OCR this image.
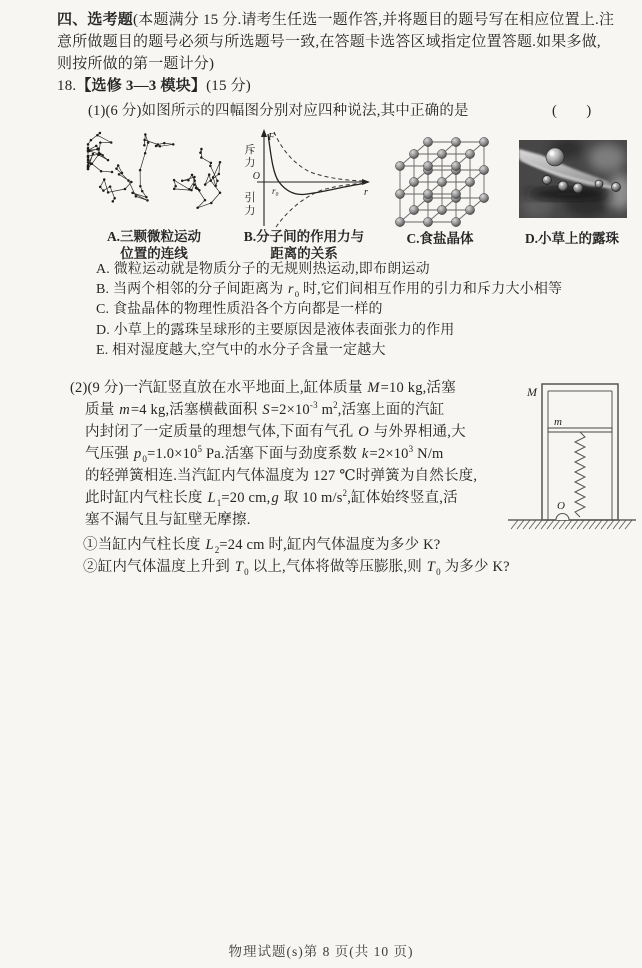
四、选考题(本题满分 15 分.请考生任选一题作答,并将题目的题号写在相应位置上.注
意所做题目的题号必须与所选题号一致,在答题卡选答区域指定位置答题.如果多做,
则按所做的第一题计分)
18.【选修 3—3 模块】(15 分)
(1)(6 分)如图所示的四幅图分别对应四种说法,其中正确的是	(　　)
F
O
r
r₀
斥力
引力
A.三颗微粒运动
位置的连线
B.分子间的作用力与
距离的关系
C.食盐晶体	D.小草上的露珠
A. 微粒运动就是物质分子的无规则热运动,即布朗运动
B. 当两个相邻的分子间距离为 $r_0$ 时,它们间相互作用的引力和斥力大小相等
C. 食盐晶体的物理性质沿各个方向都是一样的
D. 小草上的露珠呈球形的主要原因是液体表面张力的作用
E. 相对湿度越大,空气中的水分子含量一定越大
(2)(9 分)一汽缸竖直放在水平地面上,缸体质量 M=10 kg,活塞
质量 m=4 kg,活塞横截面积 $S=2\times 10^{-3}$ $m^2$,活塞上面的汽缸
内封闭了一定质量的理想气体,下面有气孔 O 与外界相通,大
气压强 $p_0=1.0\times 10^5$ Pa.活塞下面与劲度系数 $k=2\times 10^3$ N/m
的轻弹簧相连.当汽缸内气体温度为 127 ℃时弹簧为自然长度,
此时缸内气柱长度 $L_1=20$ cm,g 取 10 $m/s^2$,缸体始终竖直,活
塞不漏气且与缸壁无摩擦.
①当缸内气柱长度 $L_2=24$ cm 时,缸内气体温度为多少 K?
②缸内气体温度上升到 $T_0$ 以上,气体将做等压膨胀,则 $T_0$ 为多少 K?
M
m
O
物理试题(s)第 8 页(共 10 页)
